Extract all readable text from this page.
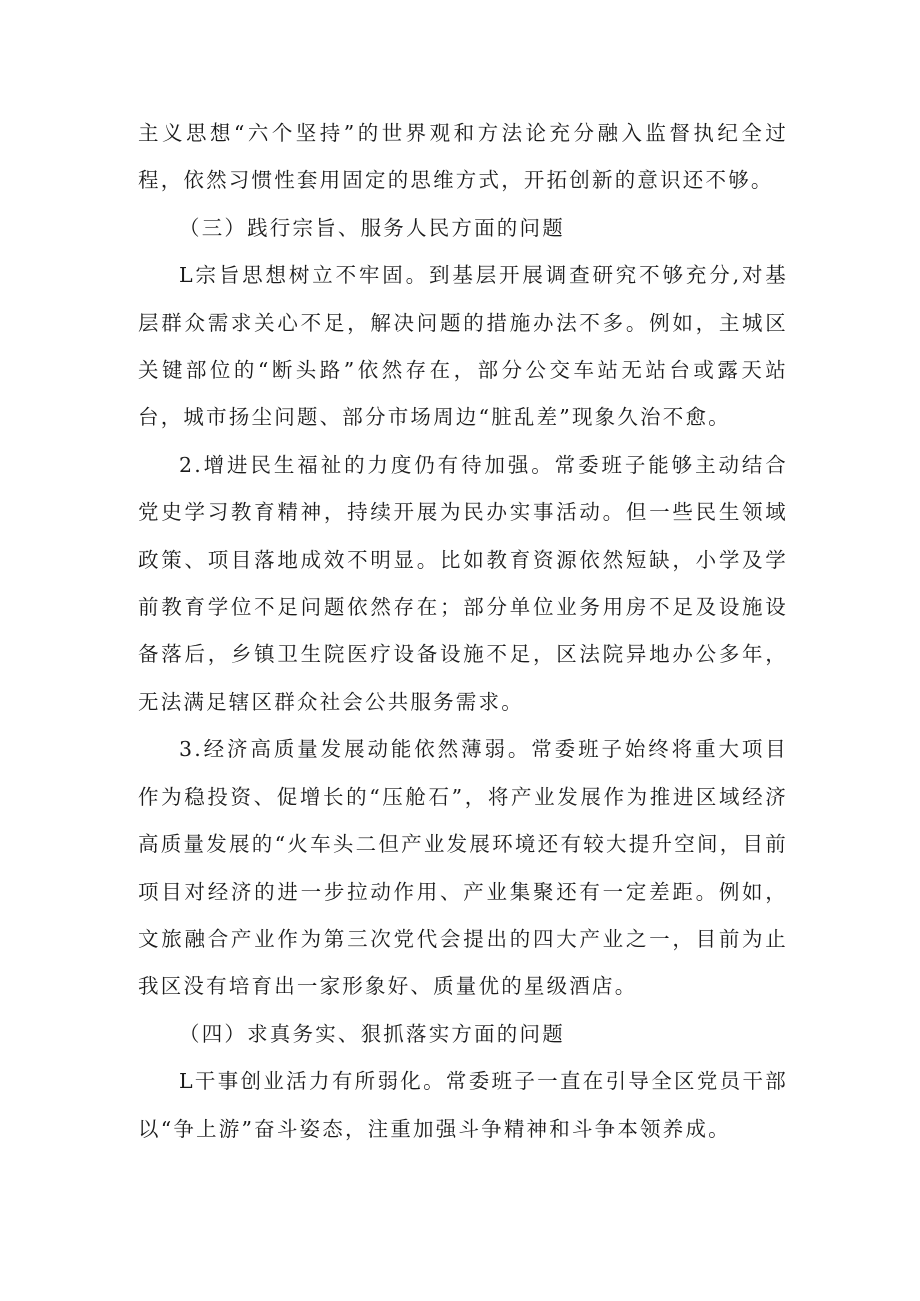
主义思想“六个坚持”的世界观和方法论充分融入监督执纪全过程，依然习惯性套用固定的思维方式，开拓创新的意识还不够。

（三）践行宗旨、服务人民方面的问题

L宗旨思想树立不牢固。到基层开展调查研究不够充分,对基层群众需求关心不足，解决问题的措施办法不多。例如，主城区关键部位的“断头路”依然存在，部分公交车站无站台或露天站台，城市扬尘问题、部分市场周边“脏乱差”现象久治不愈。

2.增进民生福祉的力度仍有待加强。常委班子能够主动结合党史学习教育精神，持续开展为民办实事活动。但一些民生领域政策、项目落地成效不明显。比如教育资源依然短缺，小学及学前教育学位不足问题依然存在；部分单位业务用房不足及设施设备落后，乡镇卫生院医疗设备设施不足，区法院异地办公多年，无法满足辖区群众社会公共服务需求。

3.经济高质量发展动能依然薄弱。常委班子始终将重大项目作为稳投资、促增长的“压舱石”，将产业发展作为推进区域经济高质量发展的“火车头二但产业发展环境还有较大提升空间，目前项目对经济的进一步拉动作用、产业集聚还有一定差距。例如，文旅融合产业作为第三次党代会提出的四大产业之一，目前为止我区没有培育出一家形象好、质量优的星级酒店。

（四）求真务实、狠抓落实方面的问题

L干事创业活力有所弱化。常委班子一直在引导全区党员干部以“争上游”奋斗姿态，注重加强斗争精神和斗争本领养成。
